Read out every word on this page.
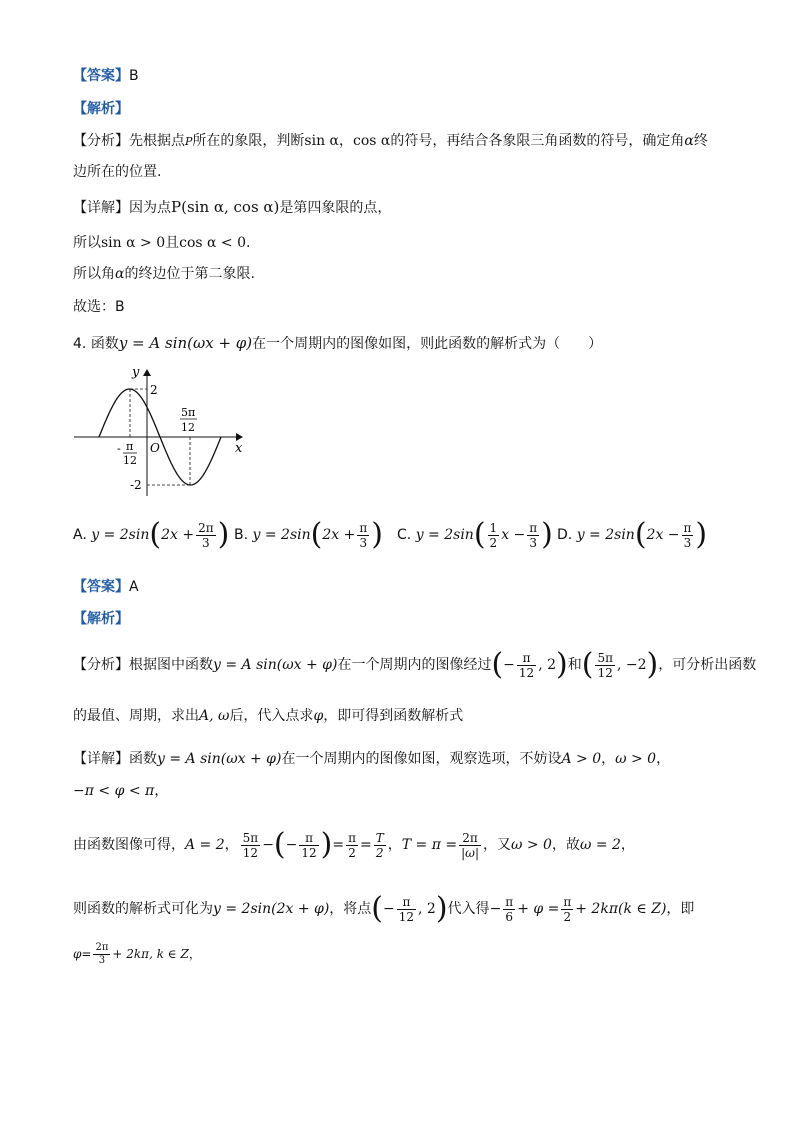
【答案】B
【解析】
【分析】先根据点P所在的象限，判断sin α，cos α的符号，再结合各象限三角函数的符号，确定角α终
边所在的位置.
【详解】因为点P(sin α, cos α)是第四象限的点，
所以sin α > 0且cos α < 0.
所以角α的终边位于第二象限.
故选：B
4. 函数y = A sin(ωx + φ)在一个周期内的图像如图，则此函数的解析式为（　　）
y
x
O
2
-2
- π
12
5π
12
A. $y = 2\sin(2x + \frac{2\pi}{3}$ ) B. $y = 2\sin(2x + \frac{\pi}{3}$ ) C. $y = 2\sin( \frac{1}{2}$ $x - \frac{\pi}{3}$ ) D. $y = 2\sin(2x - \frac{\pi}{3}$ )
【答案】A
【解析】
【分析】根据图中函数y = A sin(ωx + φ)在一个周期内的图像经过(− $\frac{\pi}{12}$ , 2)和( $\frac{5\pi}{12}$ , −2)，可分析出函数
的最值、周期，求出A, ω后，代入点求φ，即可得到函数解析式
【详解】函数y = A sin(ωx + φ)在一个周期内的图像如图，观察选项，不妨设A > 0，ω > 0，
−π < φ < π，
由函数图像可得，A = 2， $\frac{5\pi}{12}$ −(− $\frac{\pi}{12}$ )= $\frac{\pi}{2} = \frac{T}{2}$ ，$T = \pi = \frac{2\pi}{|\omega|}$ ，又ω > 0，故ω = 2，
则函数的解析式可化为y = 2sin(2x + φ)，将点(− $\frac{\pi}{12}$ , 2)代入得− $\frac{\pi}{6} + \varphi = \frac{\pi}{2} + 2k\pi(k$ ∈ Z)，即
$\varphi= \frac{2\pi}{3} + 2k\pi$, k ∈ Z，
